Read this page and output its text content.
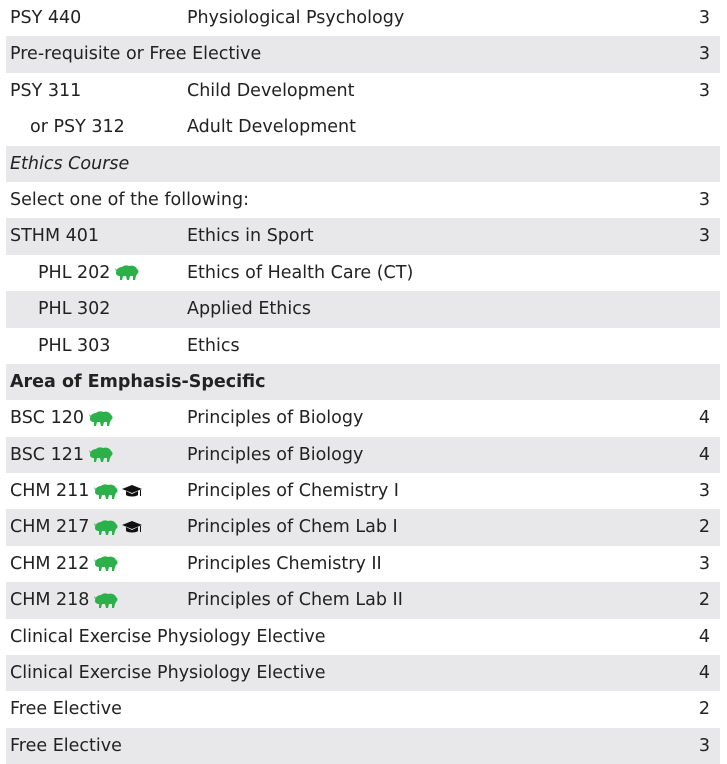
PSY 440	Physiological Psychology	3
Pre-requisite or Free Elective	3
PSY 311	Child Development	3
or PSY 312	Adult Development
Ethics Course
Select one of the following:	3
STHM 401	Ethics in Sport	3
PHL 202	Ethics of Health Care (CT)
PHL 302	Applied Ethics
PHL 303	Ethics
Area of Emphasis-Specific
BSC 120	Principles of Biology	4
BSC 121	Principles of Biology	4
CHM 211	Principles of Chemistry I	3
CHM 217	Principles of Chem Lab I	2
CHM 212	Principles Chemistry II	3
CHM 218	Principles of Chem Lab II	2
Clinical Exercise Physiology Elective	4
Clinical Exercise Physiology Elective	4
Free Elective	2
Free Elective	3
